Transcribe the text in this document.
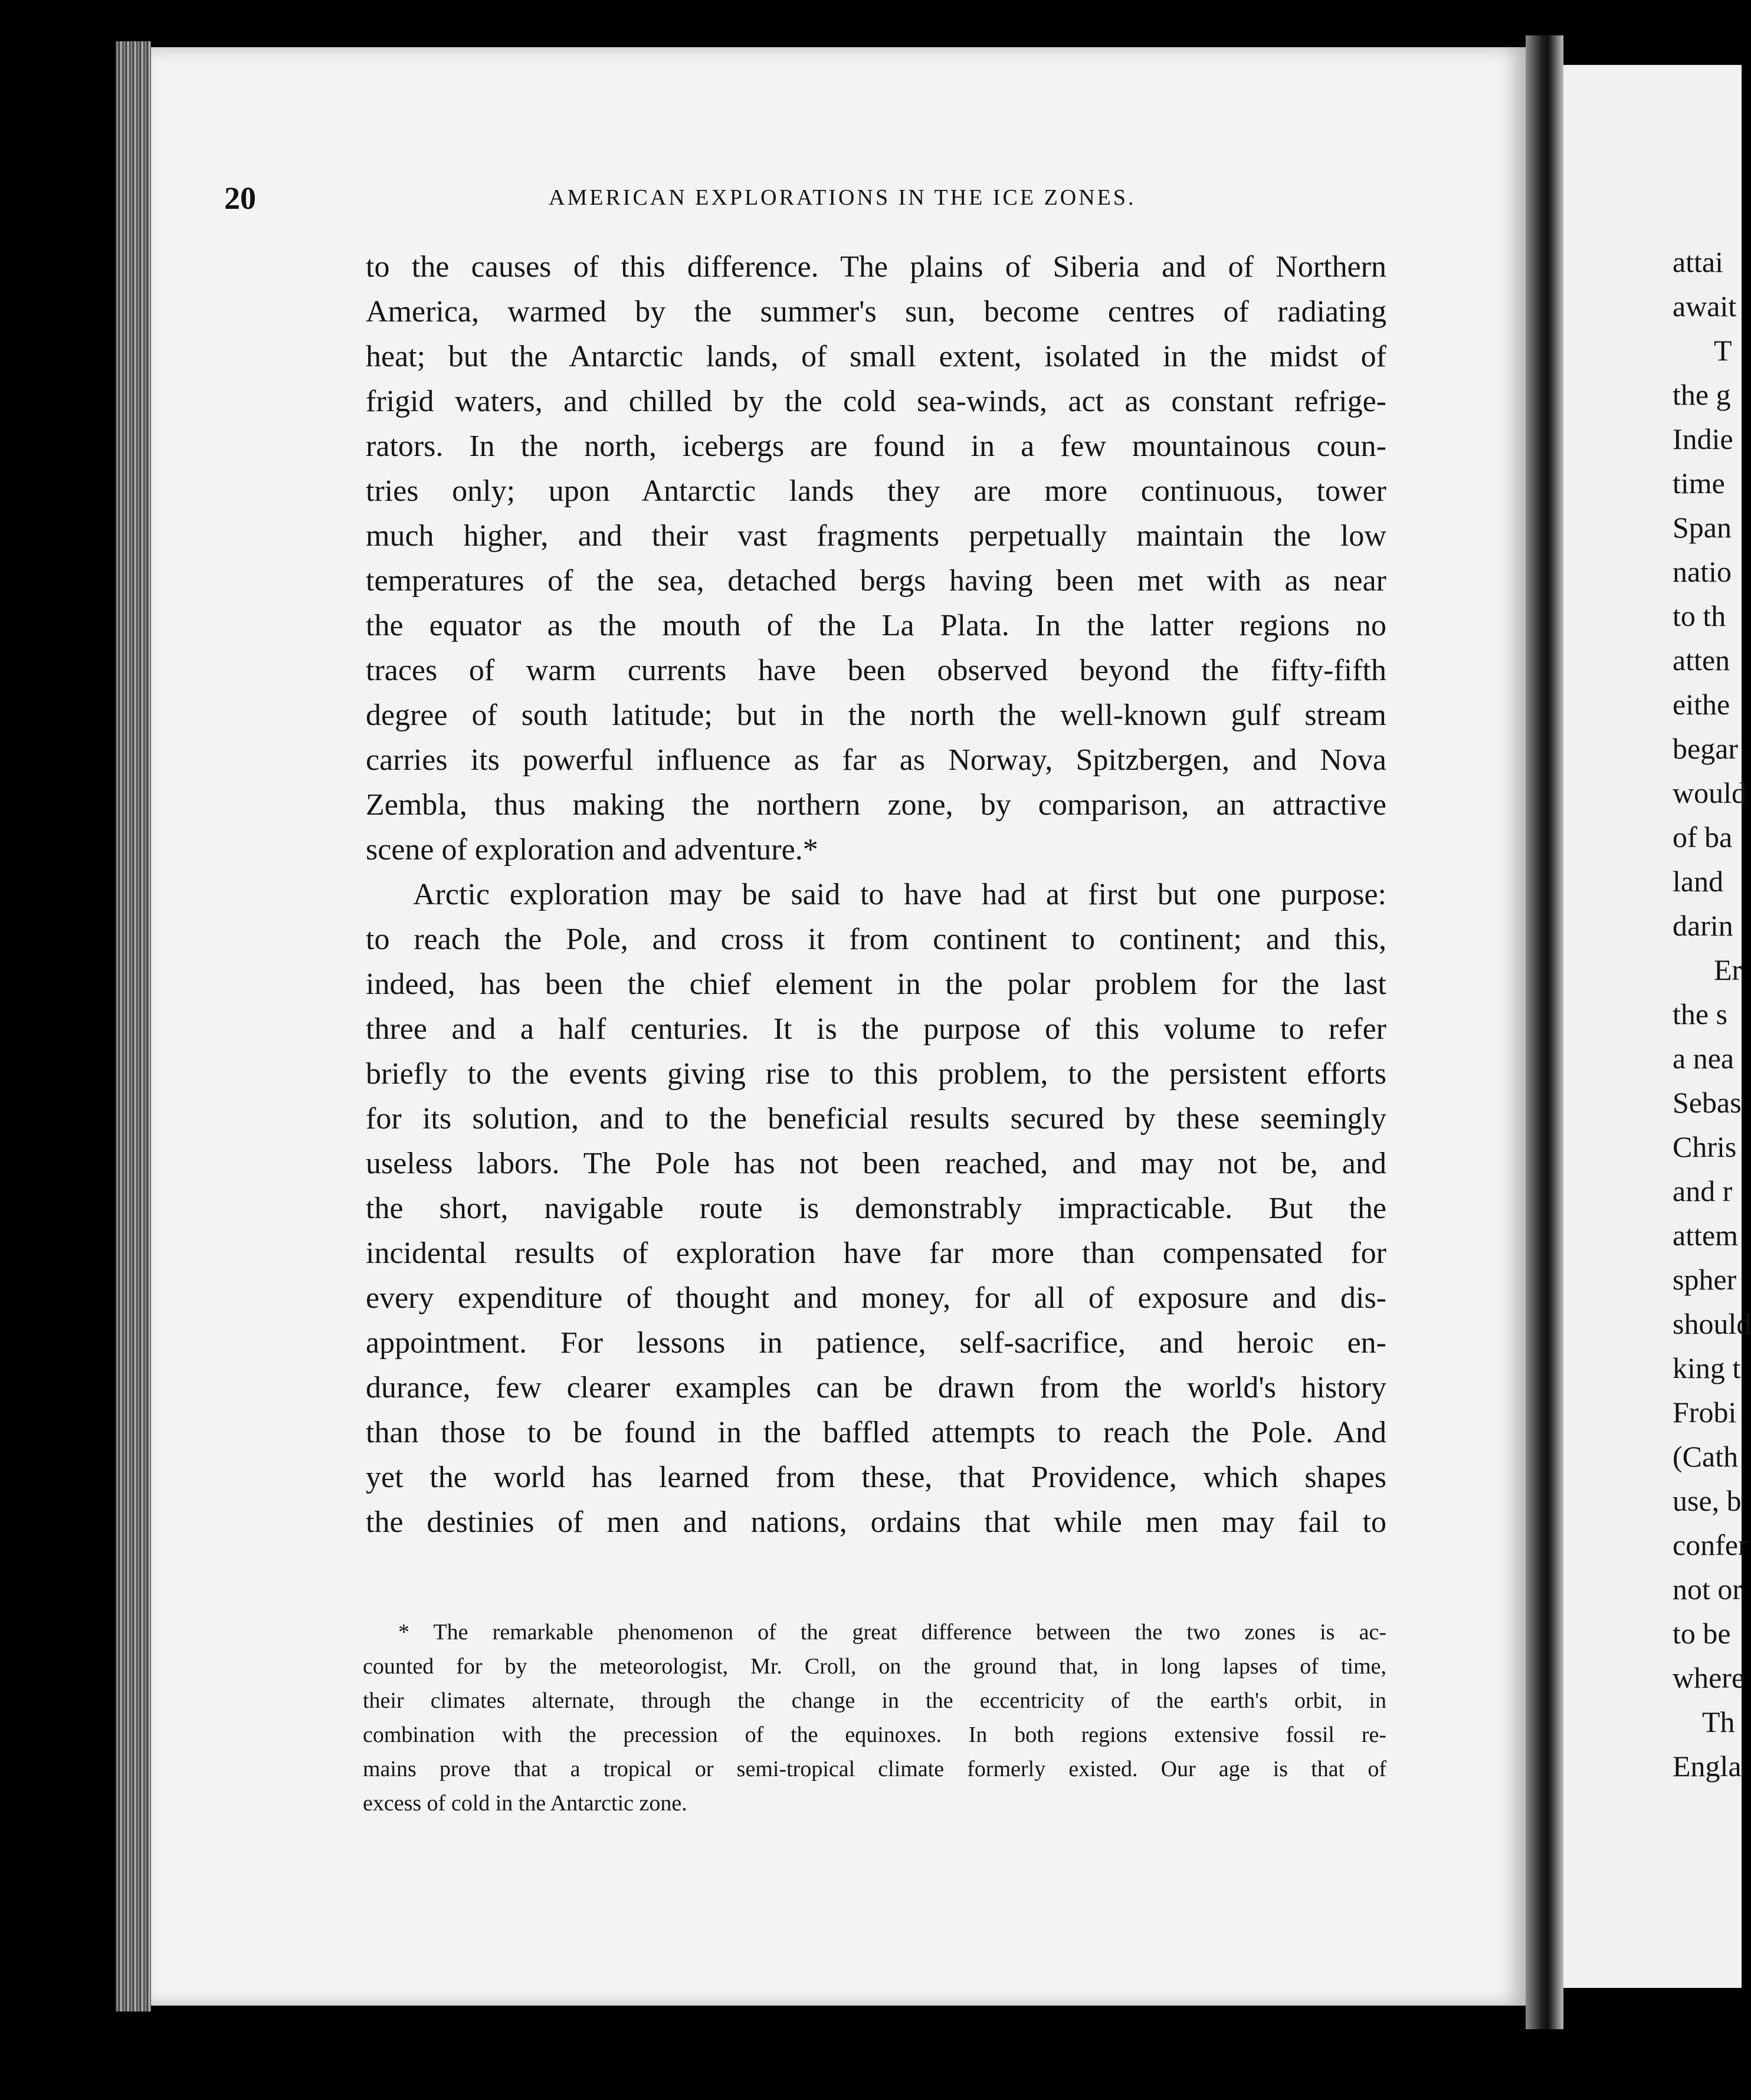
20	AMERICAN EXPLORATIONS IN THE ICE ZONES.
to the causes of this difference. The plains of Siberia and of Northern
America, warmed by the summer's sun, become centres of radiating
heat; but the Antarctic lands, of small extent, isolated in the midst of
frigid waters, and chilled by the cold sea-winds, act as constant refrige-
rators. In the north, icebergs are found in a few mountainous coun-
tries only; upon Antarctic lands they are more continuous, tower
much higher, and their vast fragments perpetually maintain the low
temperatures of the sea, detached bergs having been met with as near
the equator as the mouth of the La Plata. In the latter regions no
traces of warm currents have been observed beyond the fifty-fifth
degree of south latitude; but in the north the well-known gulf stream
carries its powerful influence as far as Norway, Spitzbergen, and Nova
Zembla, thus making the northern zone, by comparison, an attractive
scene of exploration and adventure.*
Arctic exploration may be said to have had at first but one purpose:
to reach the Pole, and cross it from continent to continent; and this,
indeed, has been the chief element in the polar problem for the last
three and a half centuries. It is the purpose of this volume to refer
briefly to the events giving rise to this problem, to the persistent efforts
for its solution, and to the beneficial results secured by these seemingly
useless labors. The Pole has not been reached, and may not be, and
the short, navigable route is demonstrably impracticable. But the
incidental results of exploration have far more than compensated for
every expenditure of thought and money, for all of exposure and dis-
appointment. For lessons in patience, self-sacrifice, and heroic en-
durance, few clearer examples can be drawn from the world's history
than those to be found in the baffled attempts to reach the Pole. And
yet the world has learned from these, that Providence, which shapes
the destinies of men and nations, ordains that while men may fail to
* The remarkable phenomenon of the great difference between the two zones is ac-
counted for by the meteorologist, Mr. Croll, on the ground that, in long lapses of time,
their climates alternate, through the change in the eccentricity of the earth's orbit, in
combination with the precession of the equinoxes. In both regions extensive fossil re-
mains prove that a tropical or semi-tropical climate formerly existed. Our age is that of
excess of cold in the Antarctic zone.
attai
await
T
the g
Indie
time
Span
natio
to th
atten
eithe
begar
would
of ba
land
darin
Er
the s
a nea
Sebas
Chris
and r
attem
spher
should
king t
Frobi
(Cath
use, b
confer
not or
to be
where
Th
Engla
